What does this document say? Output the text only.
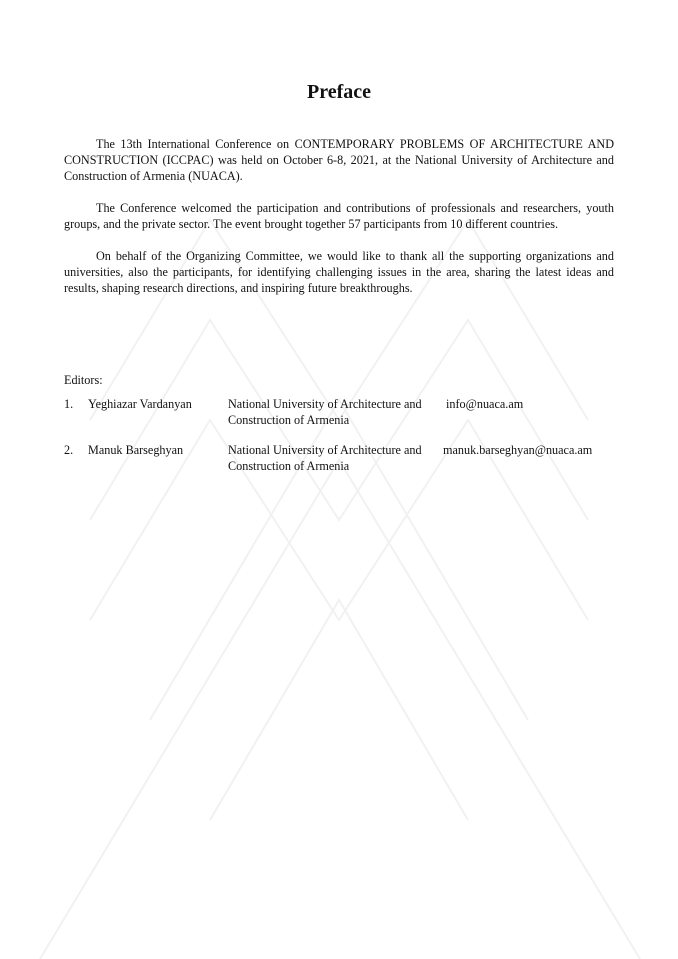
Preface

The 13th International Conference on CONTEMPORARY PROBLEMS OF ARCHITECTURE AND CONSTRUCTION (ICCPAC) was held on October 6-8, 2021, at the National University of Architecture and Construction of Armenia (NUACA).

The Conference welcomed the participation and contributions of professionals and researchers, youth groups, and the private sector. The event brought together 57 participants from 10 different countries.

On behalf of the Organizing Committee, we would like to thank all the supporting organizations and universities, also the participants, for identifying challenging issues in the area, sharing the latest ideas and results, shaping research directions, and inspiring future breakthroughs.

Editors:

1. Yeghiazar Vardanyan	National University of Architecture and Construction of Armenia
info@nuaca.am
2. Manuk Barseghyan	National University of Architecture and Construction of Armenia
manuk.barseghyan@nuaca.am
